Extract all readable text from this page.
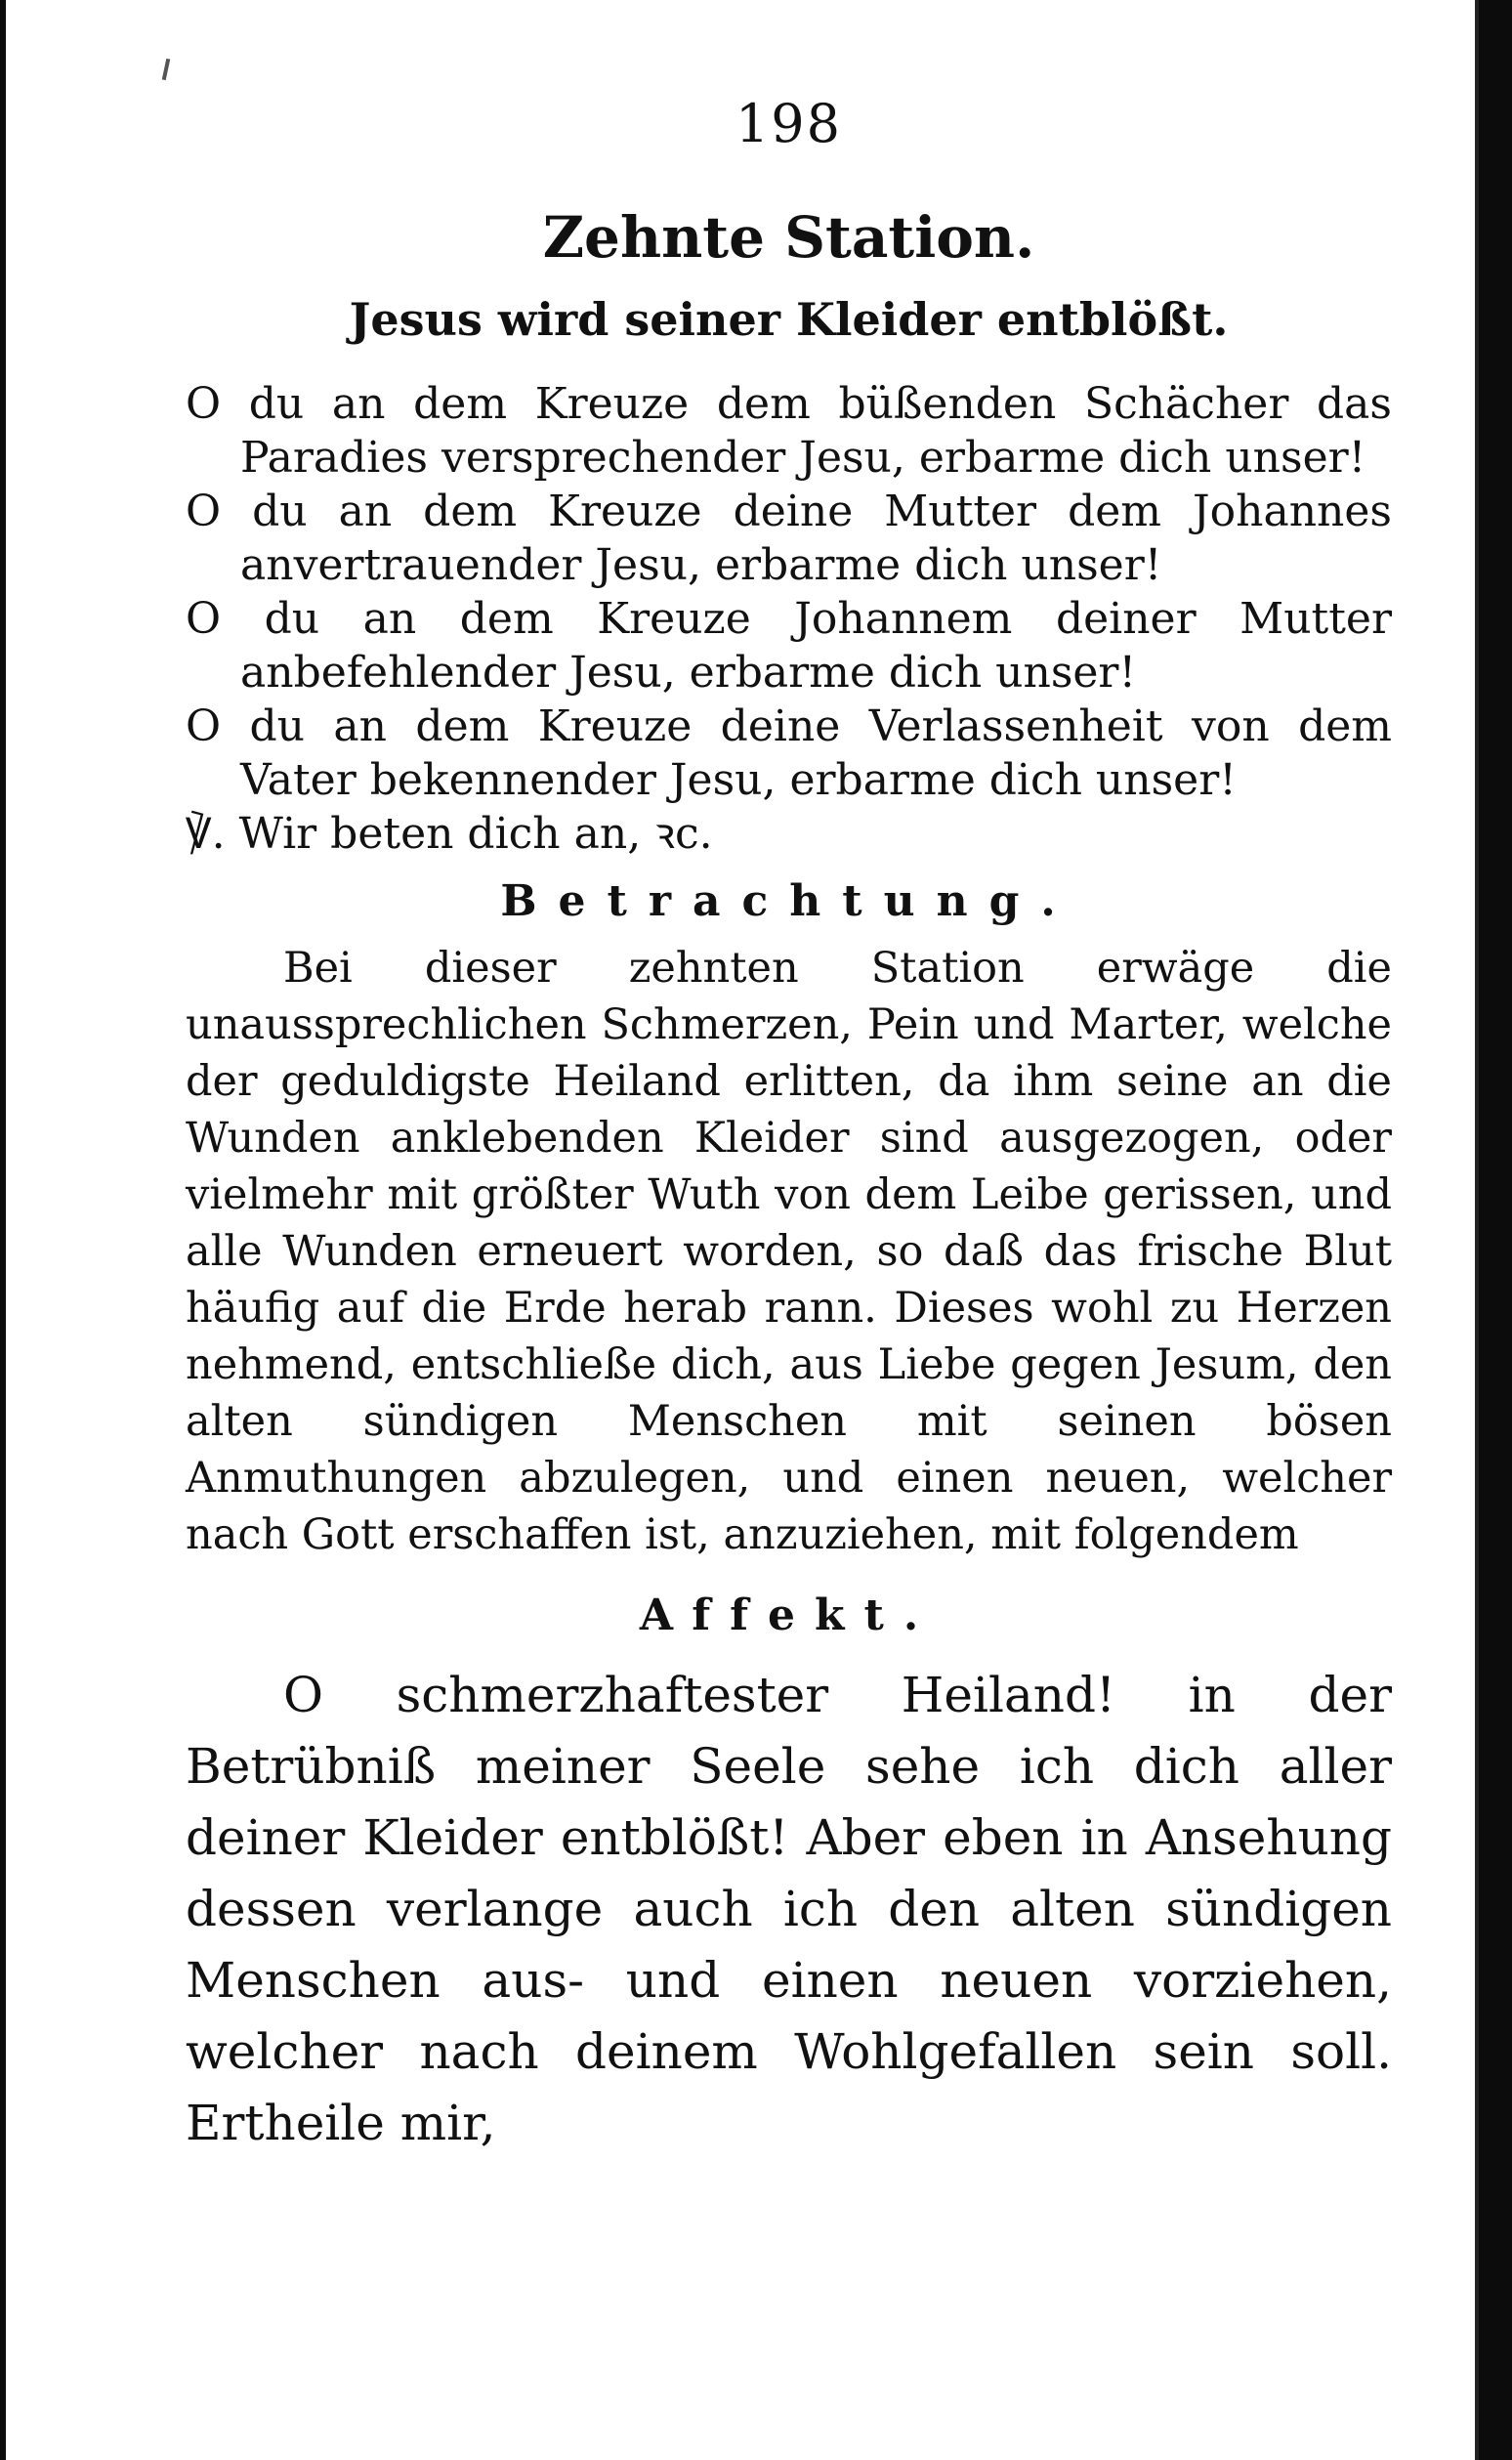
198
Zehnte Station.
Jesus wird seiner Kleider entblößt.

O du an dem Kreuze dem büßenden Schächer das Paradies versprechender Jesu, erbarme dich unser!

O du an dem Kreuze deine Mutter dem Johannes anvertrauender Jesu, erbarme dich unser!

O du an dem Kreuze Johannem deiner Mutter anbefehlender Jesu, erbarme dich unser!

O du an dem Kreuze deine Verlassenheit von dem Vater bekennender Jesu, erbarme dich unser!

℣. Wir beten dich an, ꝛc.

Betrachtung.

Bei dieser zehnten Station erwäge die unaussprechlichen Schmerzen, Pein und Marter, welche der geduldigste Heiland erlitten, da ihm seine an die Wunden anklebenden Kleider sind ausgezogen, oder vielmehr mit größter Wuth von dem Leibe gerissen, und alle Wunden erneuert worden, so daß das frische Blut häufig auf die Erde herab rann. Dieses wohl zu Herzen nehmend, entschließe dich, aus Liebe gegen Jesum, den alten sündigen Menschen mit seinen bösen Anmuthungen abzulegen, und einen neuen, welcher nach Gott erschaffen ist, anzuziehen, mit folgendem

Affekt.

O schmerzhaftester Heiland! in der Betrübniß meiner Seele sehe ich dich aller deiner Kleider entblößt! Aber eben in Ansehung dessen verlange auch ich den alten sündigen Menschen aus- und einen neuen vorziehen, welcher nach deinem Wohlgefallen sein soll. Ertheile mir,
